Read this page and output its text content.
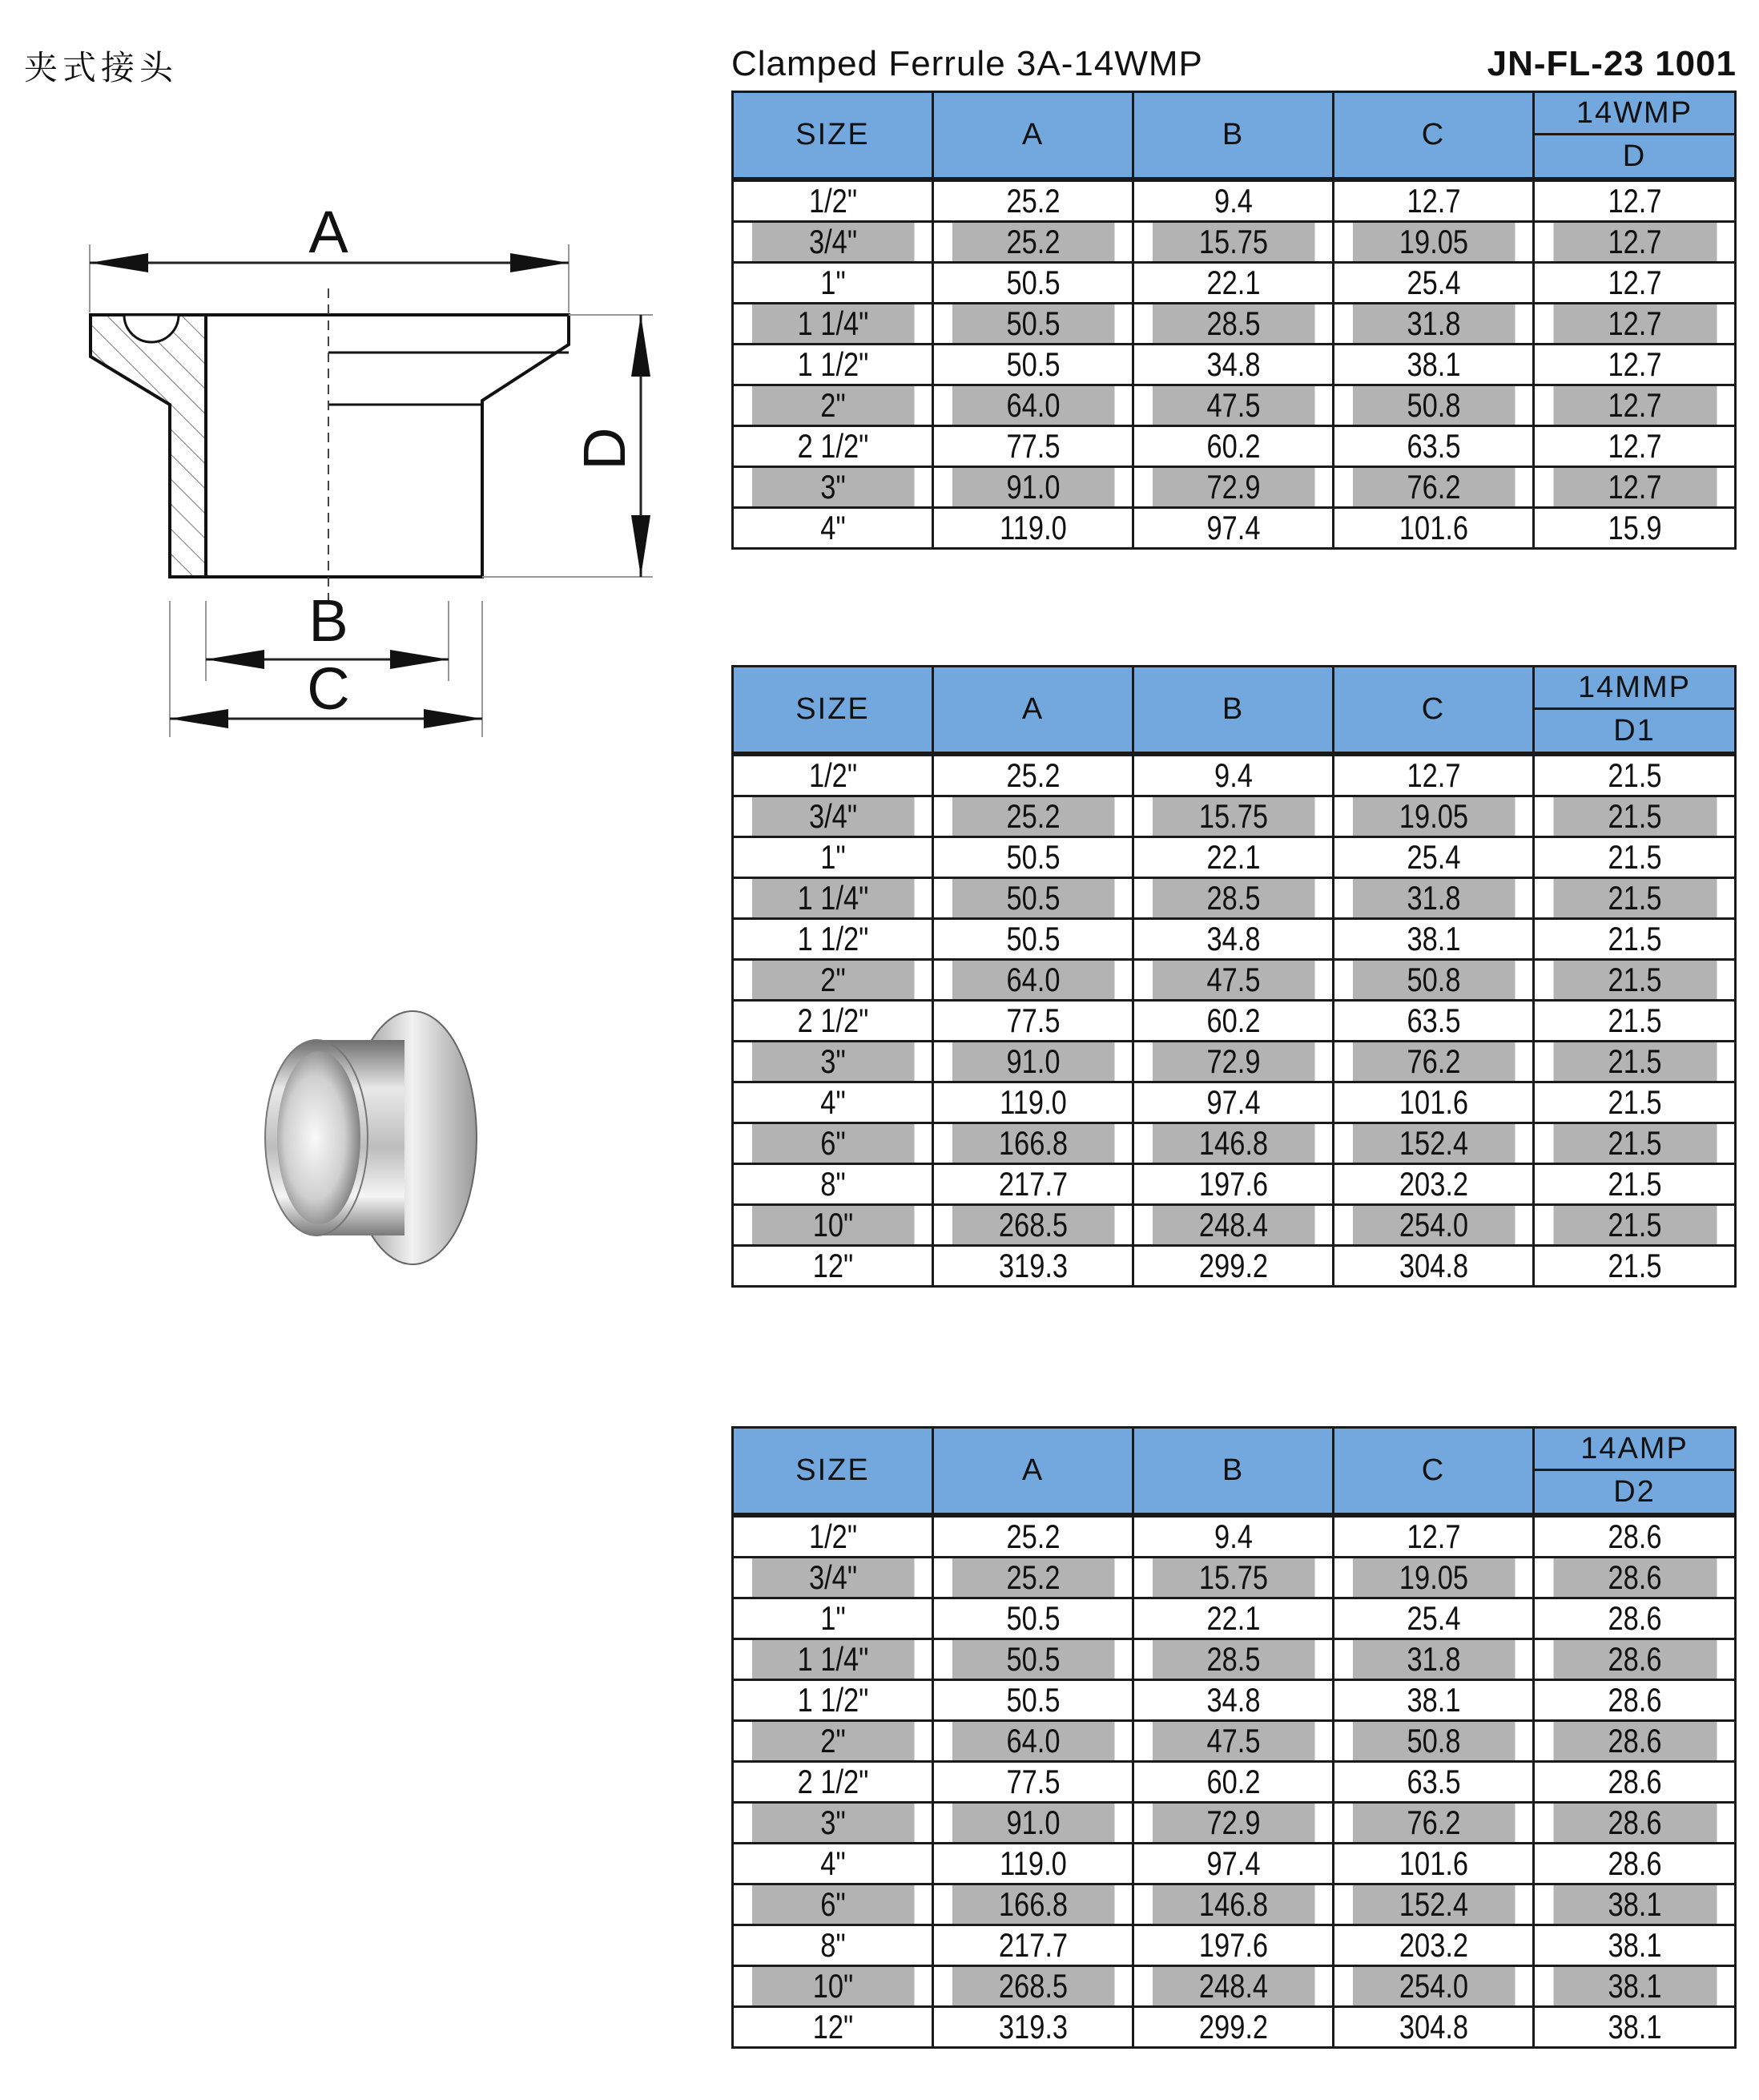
夹式接头	Clamped Ferrule 3A-14WMP	JN-FL-23 1001
A
B
C
D
SIZE	A	B	C	14WMP
				D
1/2"	25.2	9.4	12.7	12.7
3/4"	25.2	15.75	19.05	12.7
1"	50.5	22.1	25.4	12.7
1 1/4"	50.5	28.5	31.8	12.7
1 1/2"	50.5	34.8	38.1	12.7
2"	64.0	47.5	50.8	12.7
2 1/2"	77.5	60.2	63.5	12.7
3"	91.0	72.9	76.2	12.7
4"	119.0	97.4	101.6	15.9
SIZE	A	B	C	14MMP
				D1
1/2"	25.2	9.4	12.7	21.5
3/4"	25.2	15.75	19.05	21.5
1"	50.5	22.1	25.4	21.5
1 1/4"	50.5	28.5	31.8	21.5
1 1/2"	50.5	34.8	38.1	21.5
2"	64.0	47.5	50.8	21.5
2 1/2"	77.5	60.2	63.5	21.5
3"	91.0	72.9	76.2	21.5
4"	119.0	97.4	101.6	21.5
6"	166.8	146.8	152.4	21.5
8"	217.7	197.6	203.2	21.5
10"	268.5	248.4	254.0	21.5
12"	319.3	299.2	304.8	21.5
SIZE	A	B	C	14AMP
				D2
1/2"	25.2	9.4	12.7	28.6
3/4"	25.2	15.75	19.05	28.6
1"	50.5	22.1	25.4	28.6
1 1/4"	50.5	28.5	31.8	28.6
1 1/2"	50.5	34.8	38.1	28.6
2"	64.0	47.5	50.8	28.6
2 1/2"	77.5	60.2	63.5	28.6
3"	91.0	72.9	76.2	28.6
4"	119.0	97.4	101.6	28.6
6"	166.8	146.8	152.4	38.1
8"	217.7	197.6	203.2	38.1
10"	268.5	248.4	254.0	38.1
12"	319.3	299.2	304.8	38.1
